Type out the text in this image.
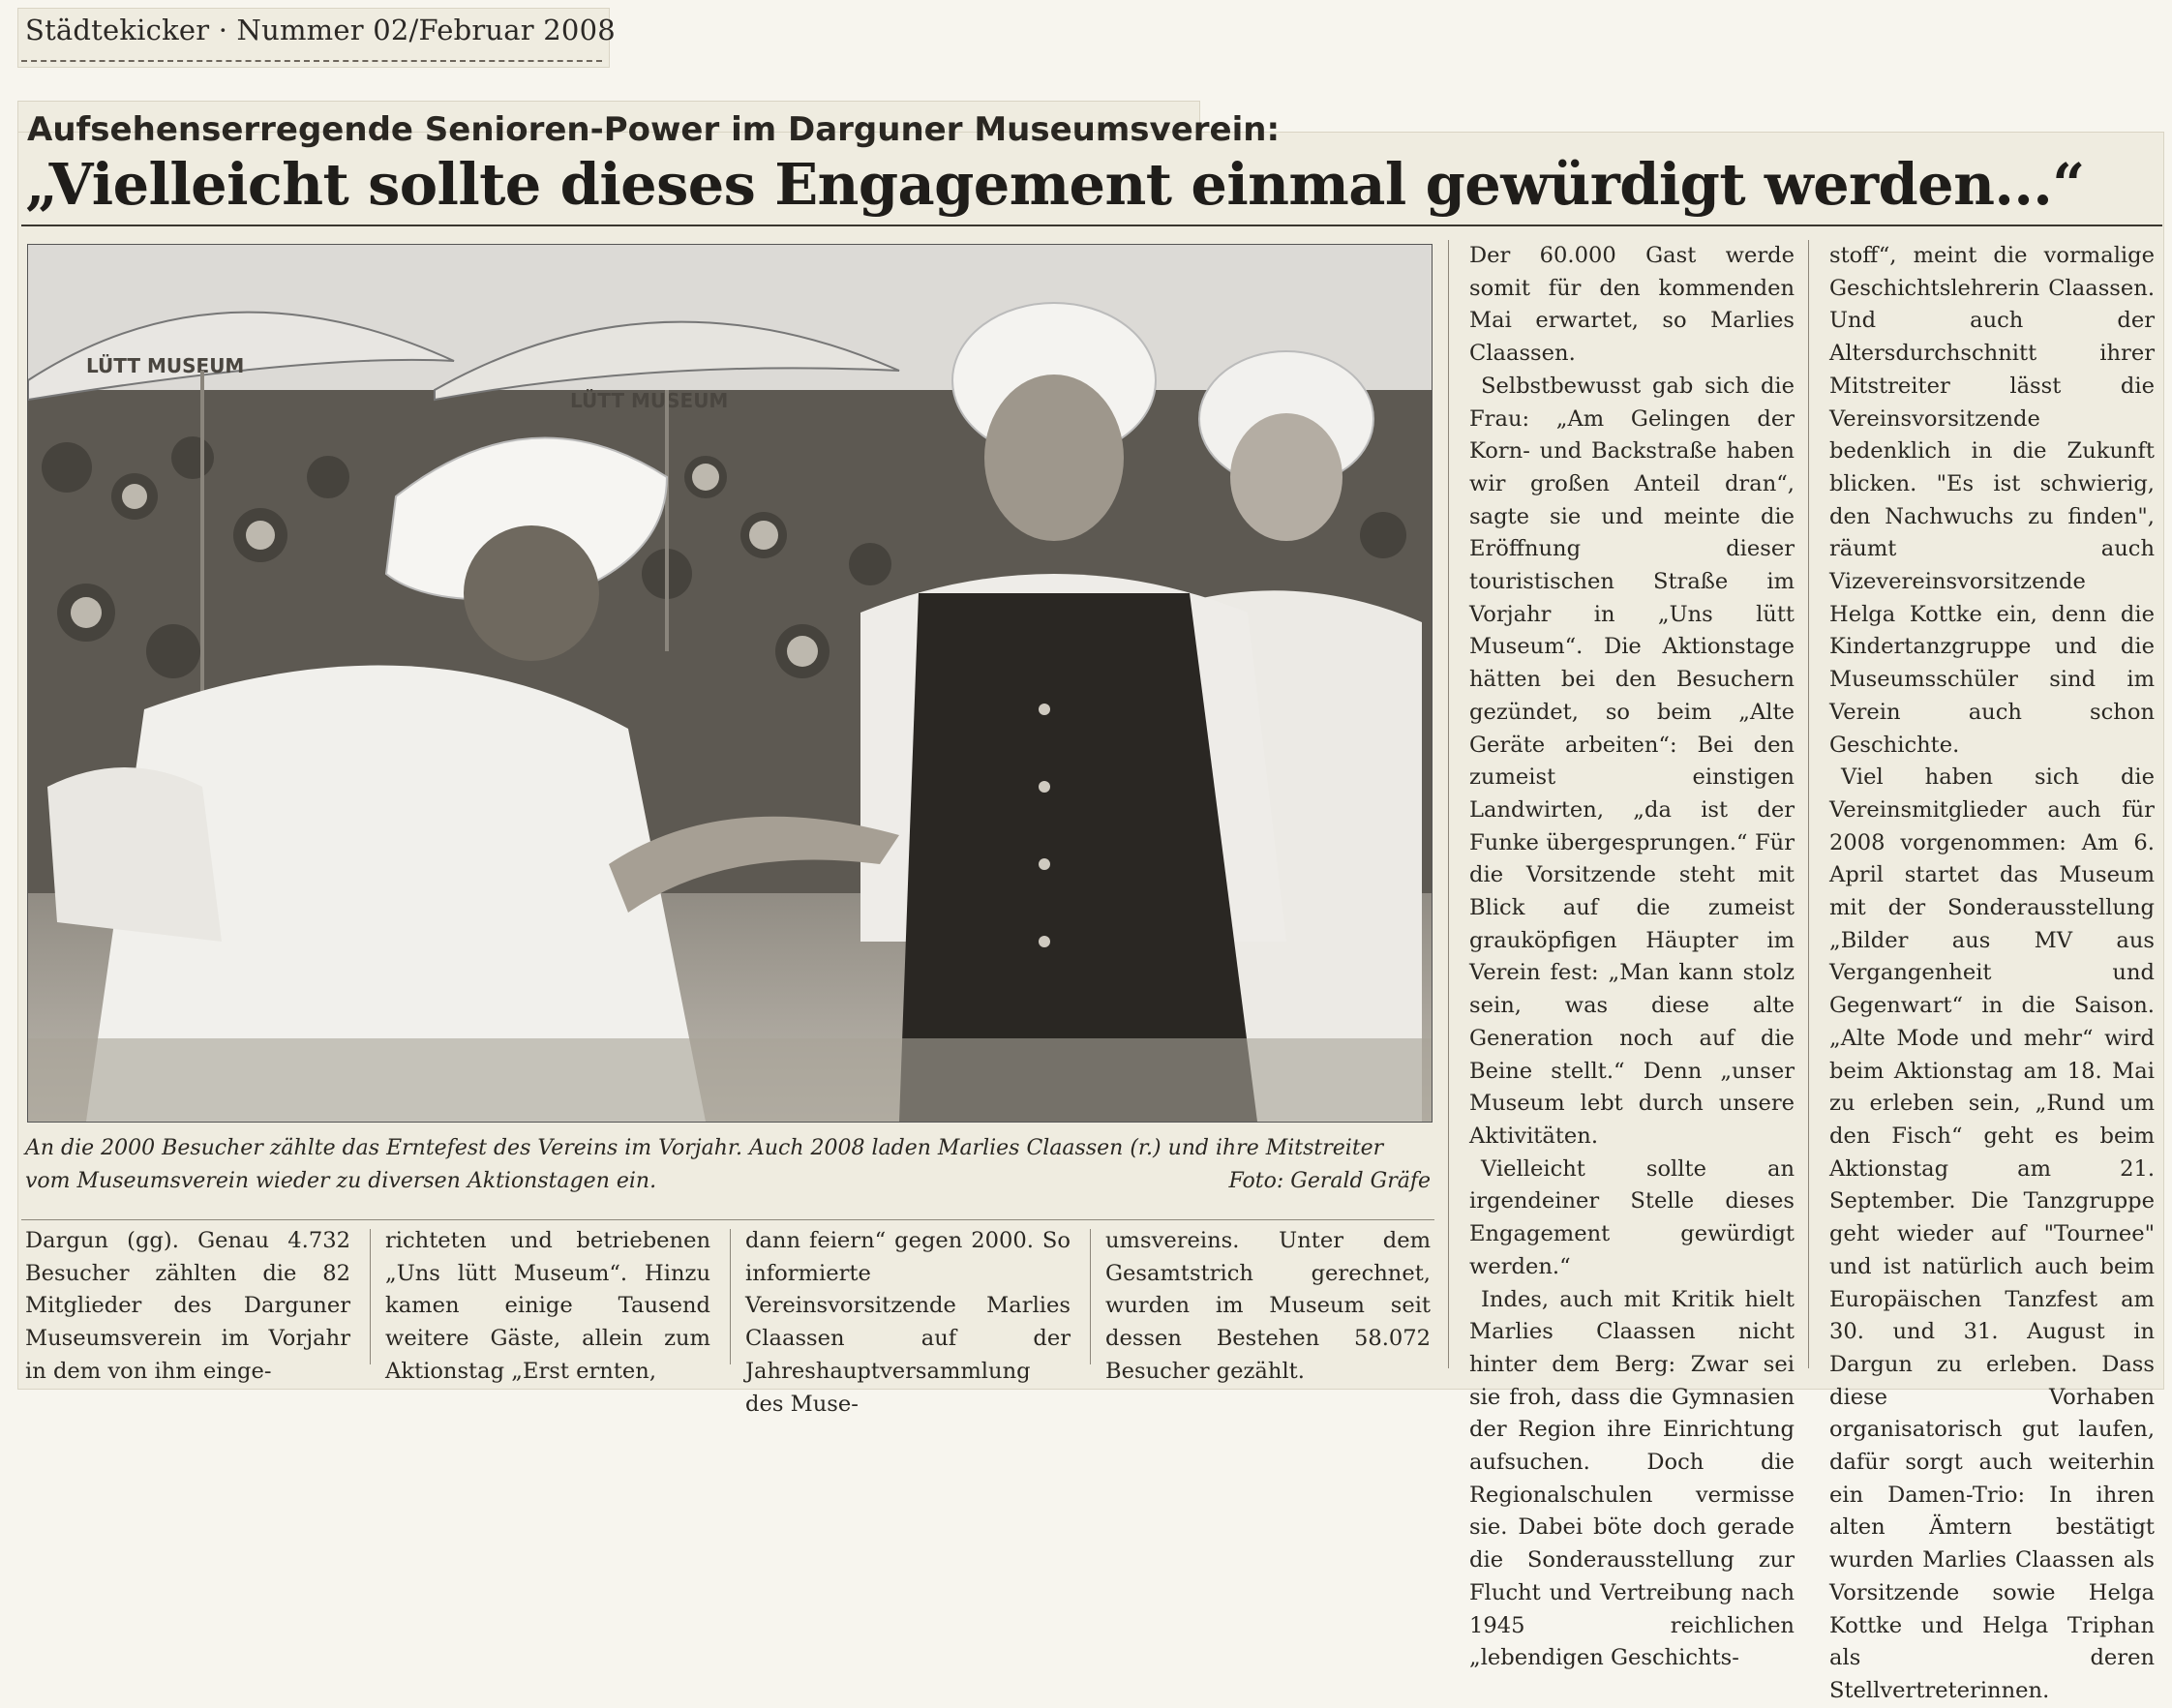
Städtekicker · Nummer 02/Februar 2008
Aufsehenserregende Senioren-Power im Darguner Museumsverein:
„Vielleicht sollte dieses Engagement einmal gewürdigt werden...“
LÜTT MUSEUM
LÜTT MUSEUM
An die 2000 Besucher zählte das Erntefest des Vereins im Vorjahr. Auch 2008 laden Marlies Claassen (r.) und ihre Mitstreiter vom Museumsverein wieder zu diversen Aktionstagen ein.	Foto: Gerald Gräfe

Dargun (gg). Genau 4.732 Besucher zählten die 82 Mitglieder des Darguner Museumsverein im Vorjahr in dem von ihm einge-

richteten und betriebenen „Uns lütt Museum“. Hinzu kamen einige Tausend weitere Gäste, allein zum Aktionstag „Erst ernten,

dann feiern“ gegen 2000. So informierte Vereinsvorsitzende Marlies Claassen auf der Jahreshauptversammlung des Muse-

umsvereins. Unter dem Gesamtstrich gerechnet, wurden im Museum seit dessen Bestehen 58.072 Besucher gezählt.

Der 60.000 Gast werde somit für den kommenden Mai erwartet, so Marlies Claassen.

Selbstbewusst gab sich die Frau: „Am Gelingen der Korn- und Backstraße haben wir großen Anteil dran“, sagte sie und meinte die Eröffnung dieser touristischen Straße im Vorjahr in „Uns lütt Museum“. Die Aktionstage hätten bei den Besuchern gezündet, so beim „Alte Geräte arbeiten“: Bei den zumeist einstigen Landwirten, „da ist der Funke übergesprungen.“ Für die Vorsitzende steht mit Blick auf die zumeist grauköpfigen Häupter im Verein fest: „Man kann stolz sein, was diese alte Generation noch auf die Beine stellt.“ Denn „unser Museum lebt durch unsere Aktivitäten.

Vielleicht sollte an irgendeiner Stelle dieses Engagement gewürdigt werden.“

Indes, auch mit Kritik hielt Marlies Claassen nicht hinter dem Berg: Zwar sei sie froh, dass die Gymnasien der Region ihre Einrichtung aufsuchen. Doch die Regionalschulen vermisse sie. Dabei böte doch gerade die Sonderausstellung zur Flucht und Vertreibung nach 1945 reichlichen „lebendigen Geschichts-

stoff“, meint die vormalige Geschichtslehrerin Claassen. Und auch der Altersdurchschnitt ihrer Mitstreiter lässt die Vereinsvorsitzende bedenklich in die Zukunft blicken. "Es ist schwierig, den Nachwuchs zu finden", räumt auch Vizevereinsvorsitzende Helga Kottke ein, denn die Kindertanzgruppe und die Museumsschüler sind im Verein auch schon Geschichte.

Viel haben sich die Vereinsmitglieder auch für 2008 vorgenommen: Am 6. April startet das Museum mit der Sonderausstellung „Bilder aus MV aus Vergangenheit und Gegenwart“ in die Saison. „Alte Mode und mehr“ wird beim Aktionstag am 18. Mai zu erleben sein, „Rund um den Fisch“ geht es beim Aktionstag am 21. September. Die Tanzgruppe geht wieder auf "Tournee" und ist natürlich auch beim Europäischen Tanzfest am 30. und 31. August in Dargun zu erleben. Dass diese Vorhaben organisatorisch gut laufen, dafür sorgt auch weiterhin ein Damen-Trio: In ihren alten Ämtern bestätigt wurden Marlies Claassen als Vorsitzende sowie Helga Kottke und Helga Triphan als deren Stellvertreterinnen.
